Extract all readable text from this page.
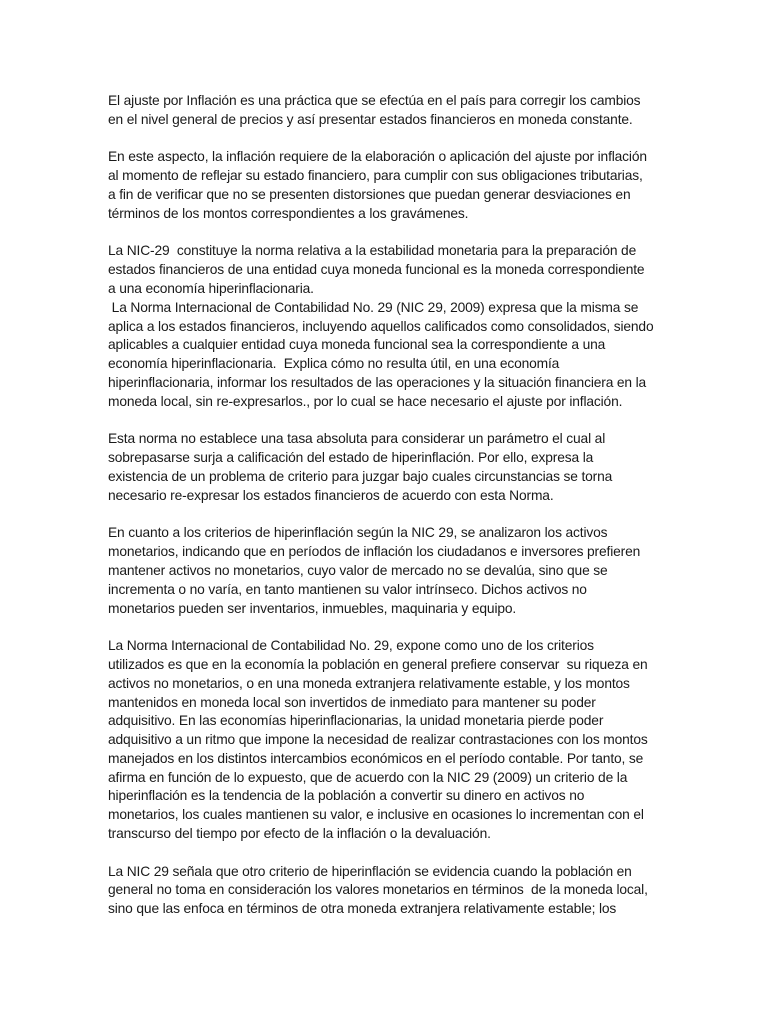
El ajuste por Inflación es una práctica que se efectúa en el país para corregir los cambios
en el nivel general de precios y así presentar estados financieros en moneda constante.

En este aspecto, la inflación requiere de la elaboración o aplicación del ajuste por inflación
al momento de reflejar su estado financiero, para cumplir con sus obligaciones tributarias,
a fin de verificar que no se presenten distorsiones que puedan generar desviaciones en
términos de los montos correspondientes a los gravámenes.

La NIC-29  constituye la norma relativa a la estabilidad monetaria para la preparación de
estados financieros de una entidad cuya moneda funcional es la moneda correspondiente
a una economía hiperinflacionaria.
La Norma Internacional de Contabilidad No. 29 (NIC 29, 2009) expresa que la misma se
aplica a los estados financieros, incluyendo aquellos calificados como consolidados, siendo
aplicables a cualquier entidad cuya moneda funcional sea la correspondiente a una
economía hiperinflacionaria.  Explica cómo no resulta útil, en una economía
hiperinflacionaria, informar los resultados de las operaciones y la situación financiera en la
moneda local, sin re-expresarlos., por lo cual se hace necesario el ajuste por inflación.

Esta norma no establece una tasa absoluta para considerar un parámetro el cual al
sobrepasarse surja a calificación del estado de hiperinflación. Por ello, expresa la
existencia de un problema de criterio para juzgar bajo cuales circunstancias se torna
necesario re-expresar los estados financieros de acuerdo con esta Norma.

En cuanto a los criterios de hiperinflación según la NIC 29, se analizaron los activos
monetarios, indicando que en períodos de inflación los ciudadanos e inversores prefieren
mantener activos no monetarios, cuyo valor de mercado no se devalúa, sino que se
incrementa o no varía, en tanto mantienen su valor intrínseco. Dichos activos no
monetarios pueden ser inventarios, inmuebles, maquinaria y equipo.

La Norma Internacional de Contabilidad No. 29, expone como uno de los criterios
utilizados es que en la economía la población en general prefiere conservar  su riqueza en
activos no monetarios, o en una moneda extranjera relativamente estable, y los montos
mantenidos en moneda local son invertidos de inmediato para mantener su poder
adquisitivo. En las economías hiperinflacionarias, la unidad monetaria pierde poder
adquisitivo a un ritmo que impone la necesidad de realizar contrastaciones con los montos
manejados en los distintos intercambios económicos en el período contable. Por tanto, se
afirma en función de lo expuesto, que de acuerdo con la NIC 29 (2009) un criterio de la
hiperinflación es la tendencia de la población a convertir su dinero en activos no
monetarios, los cuales mantienen su valor, e inclusive en ocasiones lo incrementan con el
transcurso del tiempo por efecto de la inflación o la devaluación.

La NIC 29 señala que otro criterio de hiperinflación se evidencia cuando la población en
general no toma en consideración los valores monetarios en términos  de la moneda local,
sino que las enfoca en términos de otra moneda extranjera relativamente estable; los
